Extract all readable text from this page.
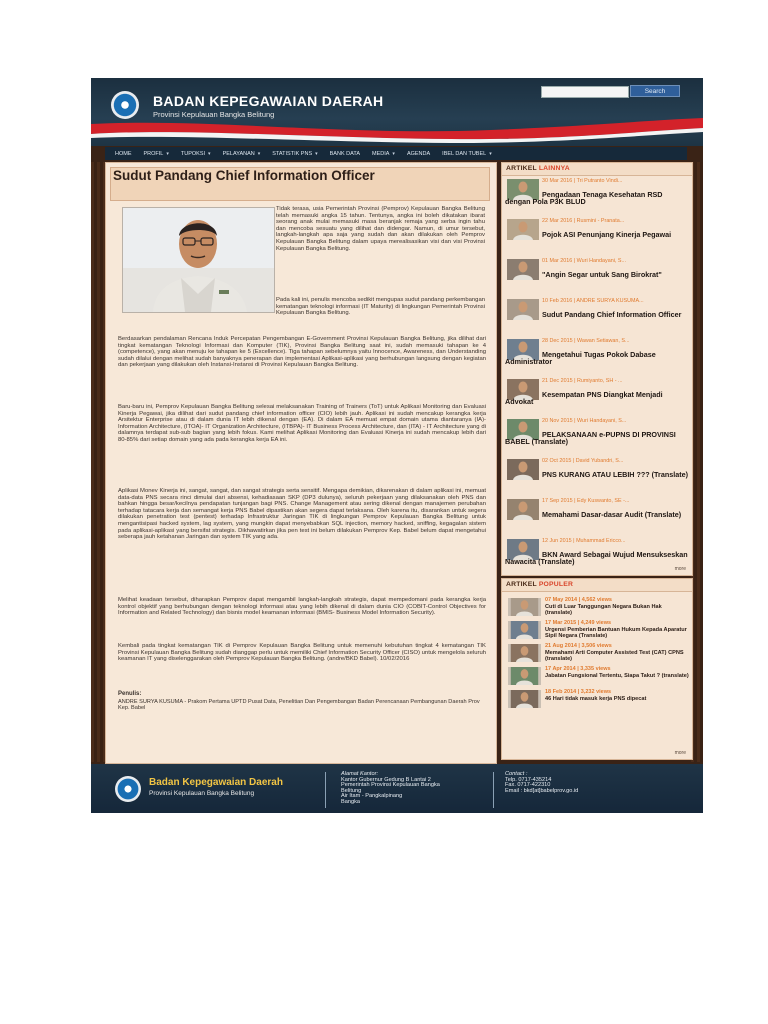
BADAN KEPEGAWAIAN DAERAH
Provinsi Kepulauan Bangka Belitung
Search
HOME PROFIL ▾ TUPOKSI ▾ PELAYANAN ▾ STATISTIK PNS ▾ BANK DATA MEDIA ▾ AGENDA IBEL DAN TUBEL ▾
Sudut Pandang Chief Information Officer

Tidak terasa, usia Pemerintah Provinsi (Pemprov) Kepulauan Bangka Belitung telah memasuki angka 15 tahun. Tentunya, angka ini boleh dikatakan ibarat seorang anak mulai memasuki masa beranjak remaja yang serba ingin tahu dan mencoba sesuatu yang dilihat dan didengar. Namun, di umur tersebut, langkah-langkah apa saja yang sudah dan akan dilakukan oleh Pemprov Kepulauan Bangka Belitung dalam upaya merealisasikan visi dan visi Provinsi Kepulauan Bangka Belitung.

Pada kali ini, penulis mencoba sedikit mengupas sudut pandang perkembangan kematangan teknologi informasi (IT Maturity) di lingkungan Pemerintah Provinsi Kepulauan Bangka Belitung.

Berdasarkan pendalaman Rencana Induk Percepatan Pengembangan E-Government Provinsi Kepulauan Bangka Belitung, jika dilihat dari tingkat kematangan Teknologi Informasi dan Komputer (TIK), Provinsi Bangka Belitung saat ini, sudah memasuki tahapan ke 4 (competence), yang akan menuju ke tahapan ke 5 (Excellence). Tiga tahapan sebelumnya yaitu Innocence, Awareness, dan Understanding sudah dilalui dengan melihat sudah banyaknya penerapan dan implementasi Aplikasi-aplikasi yang berhubungan langsung dengan kegiatan dan pekerjaan yang dilakukan oleh Instansi-Instansi di Provinsi Kepulauan Bangka Belitung.

Baru-baru ini, Pemprov Kepulauan Bangka Belitung selesai melaksanakan Training of Trainers (ToT) untuk Aplikasi Monitoring dan Evaluasi Kinerja Pegawai, jika dilihat dari sudut pandang chief information officer (CIO) lebih jauh. Aplikasi ini sudah mencakup kerangka kerja Arsitektur Enterprise atau di dalam dunia IT lebih dikenal dengan (EA). Di dalam EA memuat empat domain utama diantaranya (IA)-Information Architecture, (ITOA)- IT Organization Architecture, (ITBPA)- IT Business Process Architecture, dan (ITA) - IT Architecture yang di dalamnya terdapat sub-sub bagian yang lebih fokus. Kami melihat Aplikasi Monitoring dan Evaluasi Kinerja ini sudah mencakup lebih dari 80-85% dari setiap domain yang ada pada kerangka kerja EA ini.

Aplikasi Monev Kinerja ini, sangat, sangat, dan sangat strategis serta sensitif. Mengapa demikian, dikarenakan di dalam aplikasi ini, memuat data-data PNS secara rinci dimulai dari absensi, kehadiasaan SKP (DP3 dulunya), seluruh pekerjaan yang dilaksanakan oleh PNS dan bahkan hingga besar/kecilnya pendapatan tunjangan bagi PNS. Change Management atau sering dikenal dengan manajemen perubahan terhadap tatacara kerja dan semangat kerja PNS Babel dipastikan akan segera dapat terlaksana. Oleh karena itu, disarankan untuk segera dilakukan penetration test (pentest) terhadap Infrastruktur Jaringan TIK di lingkungan Pemprov Kepulauan Bangka Belitung untuk mengantisipasi hacked system, lag system, yang mungkin dapat menyebabkan SQL injection, memory hacked, sniffing, kegagalan sistem pada aplikasi-aplikasi yang bersifat strategis. Dikhawatirkan jika pen test ini belum dilakukan Pemprov Kep. Babel belum dapat mengetahui seberapa jauh ketahanan Jaringan dan system TIK yang ada.

Melihat keadaan tersebut, diharapkan Pemprov dapat mengambil langkah-langkah strategis, dapat mempedomani pada kerangka kerja kontrol objektif yang berhubungan dengan teknologi informasi atau yang lebih dikenal di dalam dunia CIO (COBIT-Control Objectives for Information and Related Technology) dan bisnis model keamanan informasi (BMIS- Business Model Information Security).

Kembali pada tingkat kematangan TIK di Pemprov Kepulauan Bangka Belitung untuk memenuhi kebutuhan tingkat 4 kematangan TIK Provinsi Kepulauan Bangka Belitung sudah dianggap perlu untuk memiliki Chief Information Security Officer (CISO) untuk mengelola seluruh keamanan IT yang diselenggarakan oleh Pemprov Kepulauan Bangka Belitung. (andre/BKD Babel). 10/02/2016

Penulis:
ANDRE SURYA KUSUMA - Prakom Pertama UPTD Pusat Data, Penelitian Dan Pengembangan Badan Perencanaan Pembangunan Daerah Prov Kep. Babel
ARTIKEL LAINNYA
30 Mar 2016 | Tri Putranto Vindi...
Pengadaan Tenaga Kesehatan RSD dengan Pola P3K BLUD
22 Mar 2016 | Rusmini - Pranata...
Pojok ASI Penunjang Kinerja Pegawai
01 Mar 2016 | Wuri Handayani, S...
"Angin Segar untuk Sang Birokrat"
10 Feb 2016 | ANDRE SURYA KUSUMA...
Sudut Pandang Chief Information Officer
28 Dec 2015 | Wawan Setiawan, S...
Mengetahui Tugas Pokok Dabase Administrator
21 Dec 2015 | Rumiyanto, SH - ...
Kesempatan PNS Diangkat Menjadi Advokat
20 Nov 2015 | Wuri Handayani, S...
PELAKSANAAN e-PUPNS DI PROVINSI BABEL (Translate)
02 Oct 2015 | David Yubandri, S...
PNS KURANG ATAU LEBIH ??? (Translate)
17 Sep 2015 | Edy Kuswanto, SE -...
Memahami Dasar-dasar Audit (Translate)
12 Jun 2015 | Muhammad Ericco...
BKN Award Sebagai Wujud Mensukseskan Nawacita (Translate)
more
ARTIKEL POPULER
07 May 2014 | 4,562 views
Cuti di Luar Tanggungan Negara Bukan Hak (translate)
17 Mar 2015 | 4,249 views
Urgensi Pemberian Bantuan Hukum Kepada Aparatur Sipil Negara (Translate)
21 Aug 2014 | 3,506 views
Memahami Arti Computer Assisted Test (CAT) CPNS (translate)
17 Apr 2014 | 3,335 views
Jabatan Fungsional Tertentu, Siapa Takut ? (translate)
18 Feb 2014 | 3,232 views
46 Hari tidak masuk kerja PNS dipecat
more
Badan Kepegawaian Daerah
Provinsi Kepulauan Bangka Belitung
Alamat Kantor:
Kantor Gubernur Gedung B Lantai 2
Pemerintah Provinsi Kepulauan Bangka
Belitung
Air Itam - Pangkalpinang
Bangka
Contact :
Telp. 0717-435214
Fax. 0717-422310
Email : bkd[at]babelprov.go.id
